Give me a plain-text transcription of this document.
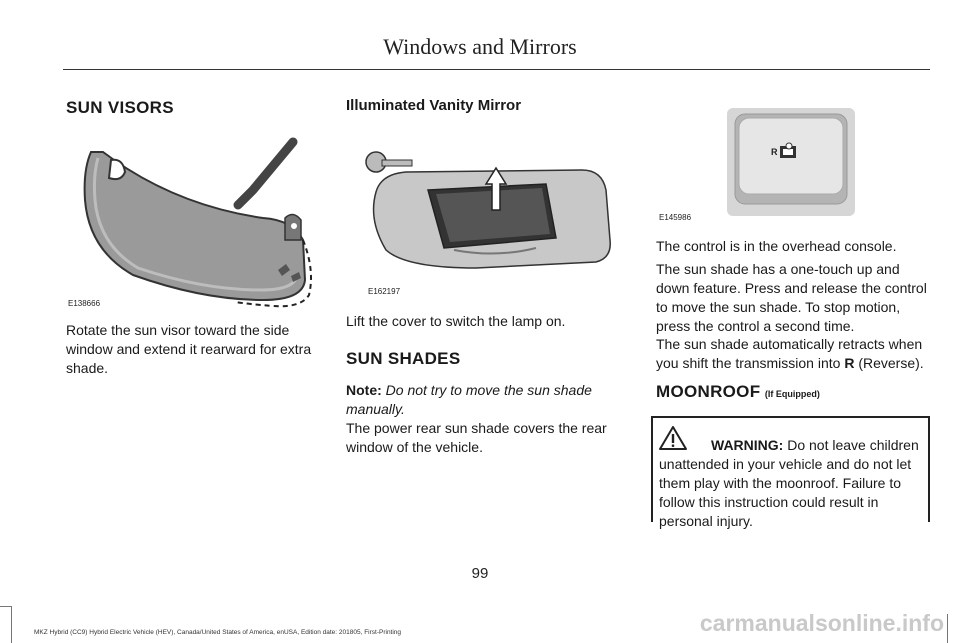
Windows and Mirrors
SUN VISORS
E138666

Rotate the sun visor toward the side window and extend it rearward for extra shade.

Illuminated Vanity Mirror
E162197

Lift the cover to switch the lamp on.

SUN SHADES

Note: Do not try to move the sun shade manually.

The power rear sun shade covers the rear window of the vehicle.

R
E145986

The control is in the overhead console.

The sun shade has a one-touch up and down feature. Press and release the control to move the sun shade. To stop motion, press the control a second time.

The sun shade automatically retracts when you shift the transmission into R (Reverse).

MOONROOF (If Equipped)
WARNING: Do not leave children unattended in your vehicle and do not let them play with the moonroof. Failure to follow this instruction could result in personal injury.
99
MKZ Hybrid (CC9) Hybrid Electric Vehicle (HEV), Canada/United States of America, enUSA, Edition date: 201805, First-Printing	carmanualsonline.info
